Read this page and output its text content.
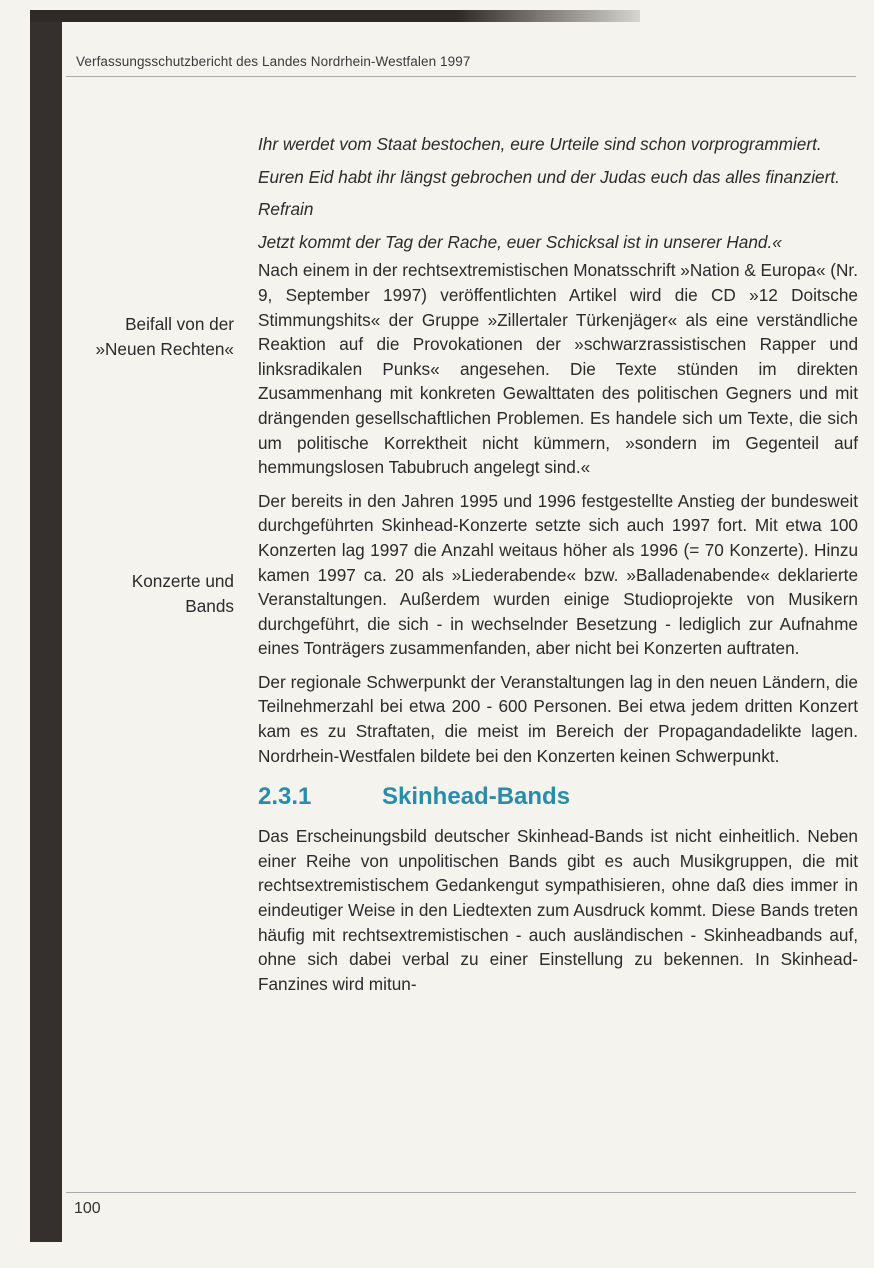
Verfassungsschutzbericht des Landes Nordrhein-Westfalen 1997
Beifall von der
»Neuen Rechten«
Konzerte und
Bands

Ihr werdet vom Staat bestochen, eure Urteile sind schon vorprogrammiert.

Euren Eid habt ihr längst gebrochen und der Judas euch das alles finanziert.

Refrain

Jetzt kommt der Tag der Rache, euer Schicksal ist in unserer Hand.«

Nach einem in der rechtsextremistischen Monatsschrift »Nation & Europa« (Nr. 9, September 1997) veröffentlichten Artikel wird die CD »12 Doitsche Stimmungshits« der Gruppe »Zillertaler Türkenjäger« als eine verständliche Reaktion auf die Provokationen der »schwarzrassistischen Rapper und linksradikalen Punks« angesehen. Die Texte stünden im direkten Zusammenhang mit konkreten Gewalttaten des politischen Gegners und mit drängenden gesellschaftlichen Problemen. Es handele sich um Texte, die sich um politische Korrektheit nicht kümmern, »sondern im Gegenteil auf hemmungslosen Tabubruch angelegt sind.«

Der bereits in den Jahren 1995 und 1996 festgestellte Anstieg der bundesweit durchgeführten Skinhead-Konzerte setzte sich auch 1997 fort. Mit etwa 100 Konzerten lag 1997 die Anzahl weitaus höher als 1996 (= 70 Konzerte). Hinzu kamen 1997 ca. 20 als »Liederabende« bzw. »Balladenabende« deklarierte Veranstaltungen. Außerdem wurden einige Studioprojekte von Musikern durchgeführt, die sich - in wechselnder Besetzung - lediglich zur Aufnahme eines Tonträgers zusammenfanden, aber nicht bei Konzerten auftraten.

Der regionale Schwerpunkt der Veranstaltungen lag in den neuen Ländern, die Teilnehmerzahl bei etwa 200 - 600 Personen. Bei etwa jedem dritten Konzert kam es zu Straftaten, die meist im Bereich der Propagandadelikte lagen. Nordrhein-Westfalen bildete bei den Konzerten keinen Schwerpunkt.

2.3.1	Skinhead-Bands

Das Erscheinungsbild deutscher Skinhead-Bands ist nicht einheitlich. Neben einer Reihe von unpolitischen Bands gibt es auch Musikgruppen, die mit rechtsextremistischem Gedankengut sympathisieren, ohne daß dies immer in eindeutiger Weise in den Liedtexten zum Ausdruck kommt. Diese Bands treten häufig mit rechtsextremistischen - auch ausländischen - Skinheadbands auf, ohne sich dabei verbal zu einer Einstellung zu bekennen. In Skinhead-Fanzines wird mitun-

100
